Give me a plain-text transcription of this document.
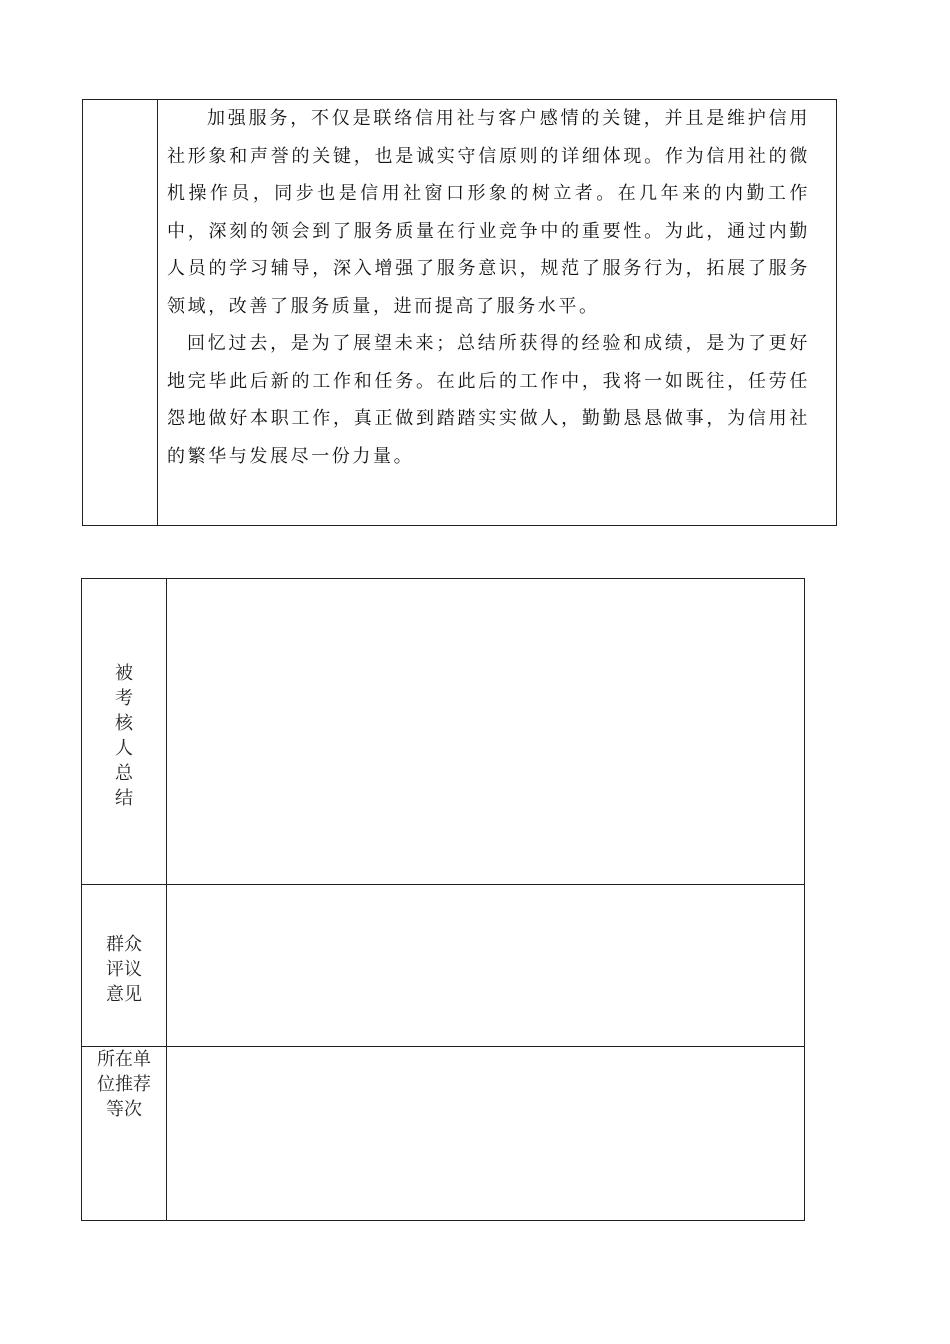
加强服务，不仅是联络信用社与客户感情的关键，并且是维护信用社形象和声誉的关键，也是诚实守信原则的详细体现。作为信用社的微机操作员，同步也是信用社窗口形象的树立者。在几年来的内勤工作中，深刻的领会到了服务质量在行业竞争中的重要性。为此，通过内勤人员的学习辅导，深入增强了服务意识，规范了服务行为，拓展了服务领域，改善了服务质量，进而提高了服务水平。

回忆过去，是为了展望未来；总结所获得的经验和成绩，是为了更好地完毕此后新的工作和任务。在此后的工作中，我将一如既往，任劳任怨地做好本职工作，真正做到踏踏实实做人，勤勤恳恳做事，为信用社的繁华与发展尽一份力量。

被
考
核
人
总
结
群众
评议
意见
所在单
位推荐
等次
